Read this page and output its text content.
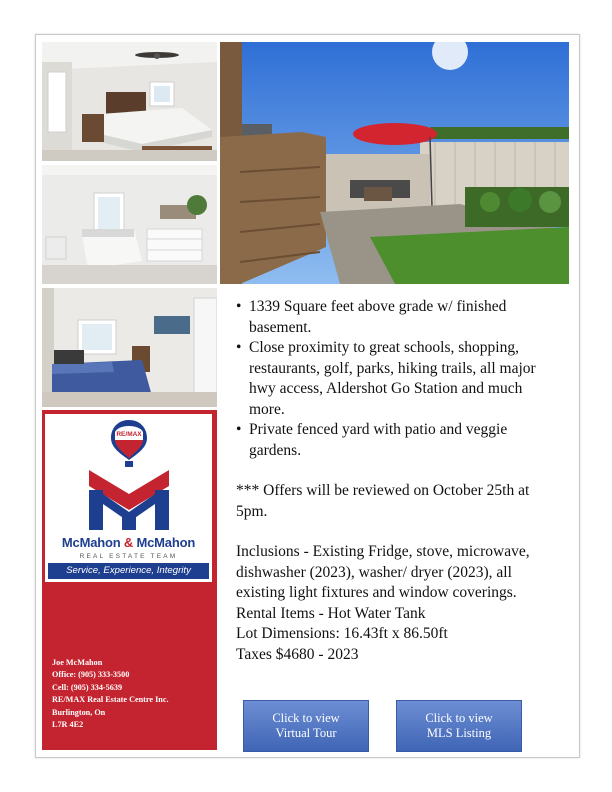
RE/MAX
McMahon & McMahon
REAL ESTATE TEAM
Service, Experience, Integrity
Joe McMahon
Office: (905) 333-3500
Cell: (905) 334-5639
RE/MAX Real Estate Centre Inc.
Burlington, On
L7R 4E2
• 1339 Square feet above grade w/ finished basement.
• Close proximity to great schools, shopping, restaurants, golf, parks, hiking trails, all major hwy access, Aldershot Go Station and much more.
• Private fenced yard with patio and veggie gardens.

*** Offers will be reviewed on October 25th at 5pm.

Inclusions - Existing Fridge, stove, microwave, dishwasher (2023), washer/ dryer (2023), all existing light fixtures and window coverings.

Rental Items - Hot Water Tank

Lot Dimensions: 16.43ft x 86.50ft

Taxes $4680 - 2023

Click to view
Virtual Tour
Click to view
MLS Listing
